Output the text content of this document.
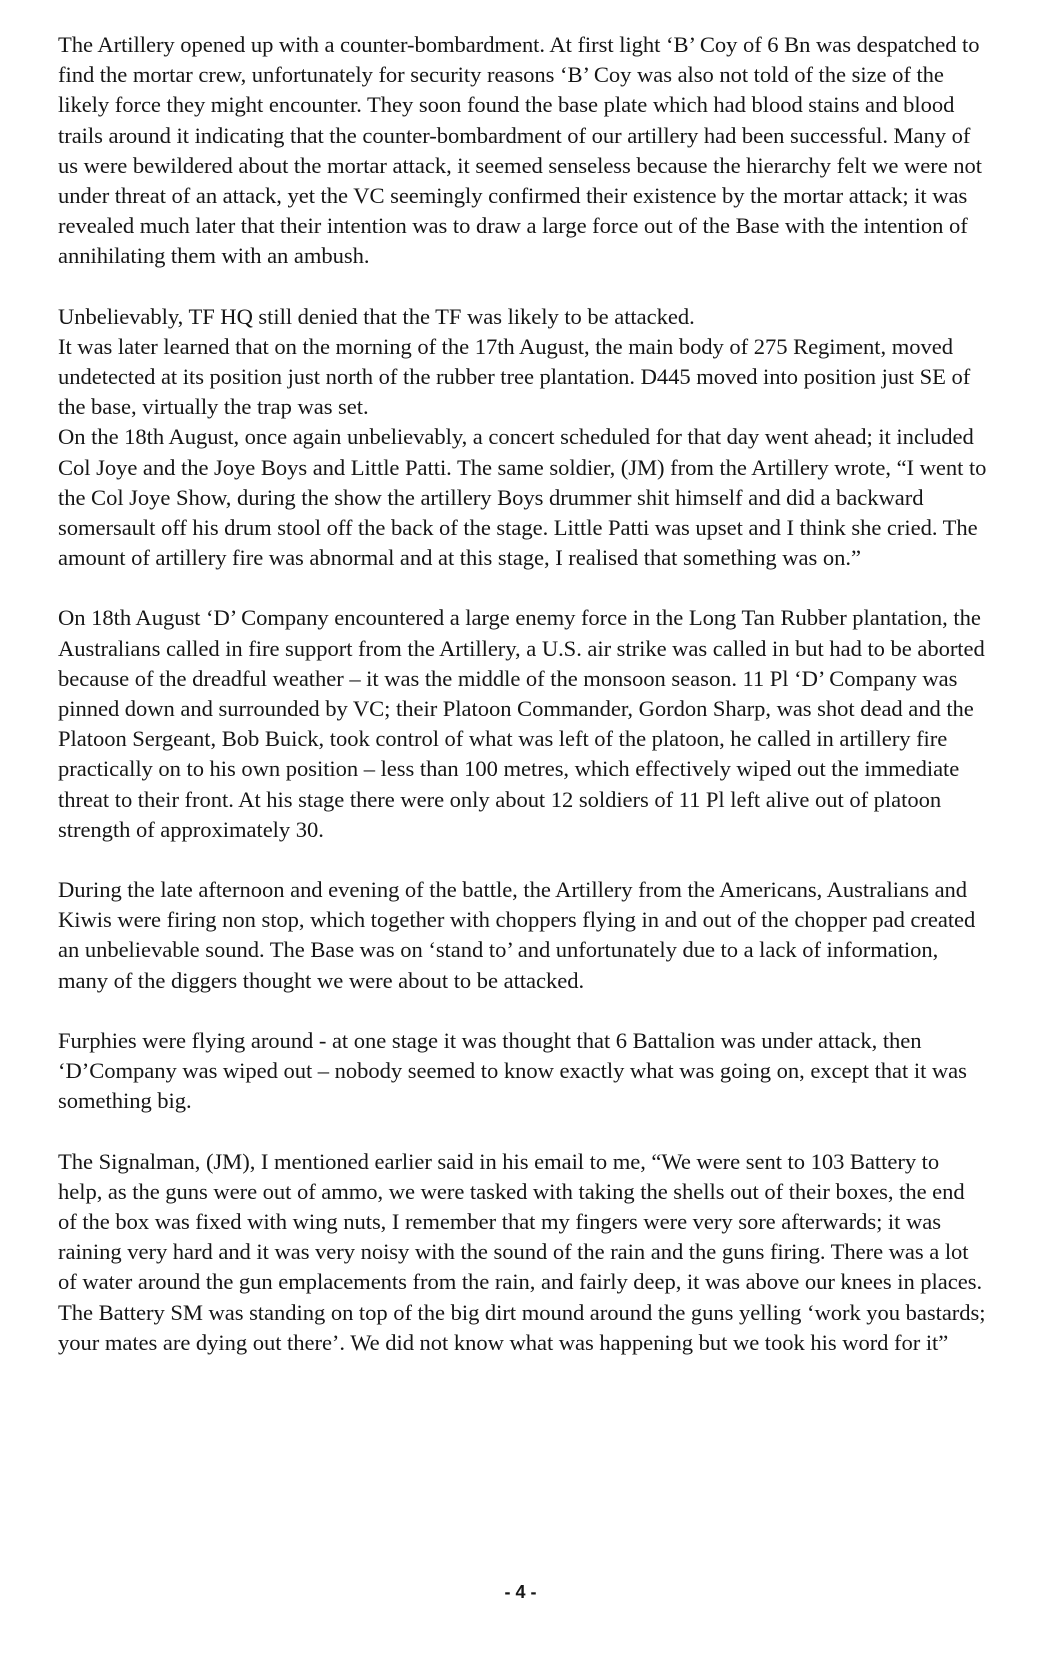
The Artillery opened up with a counter-bombardment. At first light ‘B’ Coy of 6 Bn was despatched to find the mortar crew, unfortunately for security reasons ‘B’ Coy was also not told of the size of the likely force they might encounter. They soon found the base plate which had blood stains and blood trails around it indicating that the counter-bombardment of our artillery had been successful. Many of us were bewildered about the mortar attack, it seemed senseless because the hierarchy felt we were not under threat of an attack, yet the VC seemingly confirmed their existence by the mortar attack; it was revealed much later that their intention was to draw a large force out of the Base with the intention of annihilating them with an ambush.

Unbelievably, TF HQ still denied that the TF was likely to be attacked.

It was later learned that on the morning of the 17th August, the main body of 275 Regiment, moved undetected at its position just north of the rubber tree plantation. D445 moved into position just SE of the base, virtually the trap was set.

On the 18th August, once again unbelievably, a concert scheduled for that day went ahead; it included Col Joye and the Joye Boys and Little Patti. The same soldier, (JM) from the Artillery wrote, “I went to the Col Joye Show, during the show the artillery Boys drummer shit himself and did a backward somersault off his drum stool off the back of the stage. Little Patti was upset and I think she cried. The amount of artillery fire was abnormal and at this stage, I realised that something was on.”

On 18th August ‘D’ Company encountered a large enemy force in the Long Tan Rubber plantation, the Australians called in fire support from the Artillery, a U.S. air strike was called in but had to be aborted because of the dreadful weather – it was the middle of the monsoon season. 11 Pl ‘D’ Company was pinned down and surrounded by VC; their Platoon Commander, Gordon Sharp, was shot dead and the Platoon Sergeant, Bob Buick, took control of what was left of the platoon, he called in artillery fire practically on to his own position – less than 100 metres, which effectively wiped out the immediate threat to their front. At his stage there were only about 12 soldiers of 11 Pl left alive out of platoon strength of approximately 30.

During the late afternoon and evening of the battle, the Artillery from the Americans, Australians and Kiwis were firing non stop, which together with choppers flying in and out of the chopper pad created an unbelievable sound. The Base was on ‘stand to’ and unfortunately due to a lack of information, many of the diggers thought we were about to be attacked.

Furphies were flying around - at one stage it was thought that 6 Battalion was under attack, then ‘D’Company was wiped out – nobody seemed to know exactly what was going on, except that it was something big.

The Signalman, (JM), I mentioned earlier said in his email to me, “We were sent to 103 Battery to help, as the guns were out of ammo, we were tasked with taking the shells out of their boxes, the end of the box was fixed with wing nuts, I remember that my fingers were very sore afterwards; it was raining very hard and it was very noisy with the sound of the rain and the guns firing. There was a lot of water around the gun emplacements from the rain, and fairly deep, it was above our knees in places. The Battery SM was standing on top of the big dirt mound around the guns yelling ‘work you bastards; your mates are dying out there’. We did not know what was happening but we took his word for it”

- 4 -
